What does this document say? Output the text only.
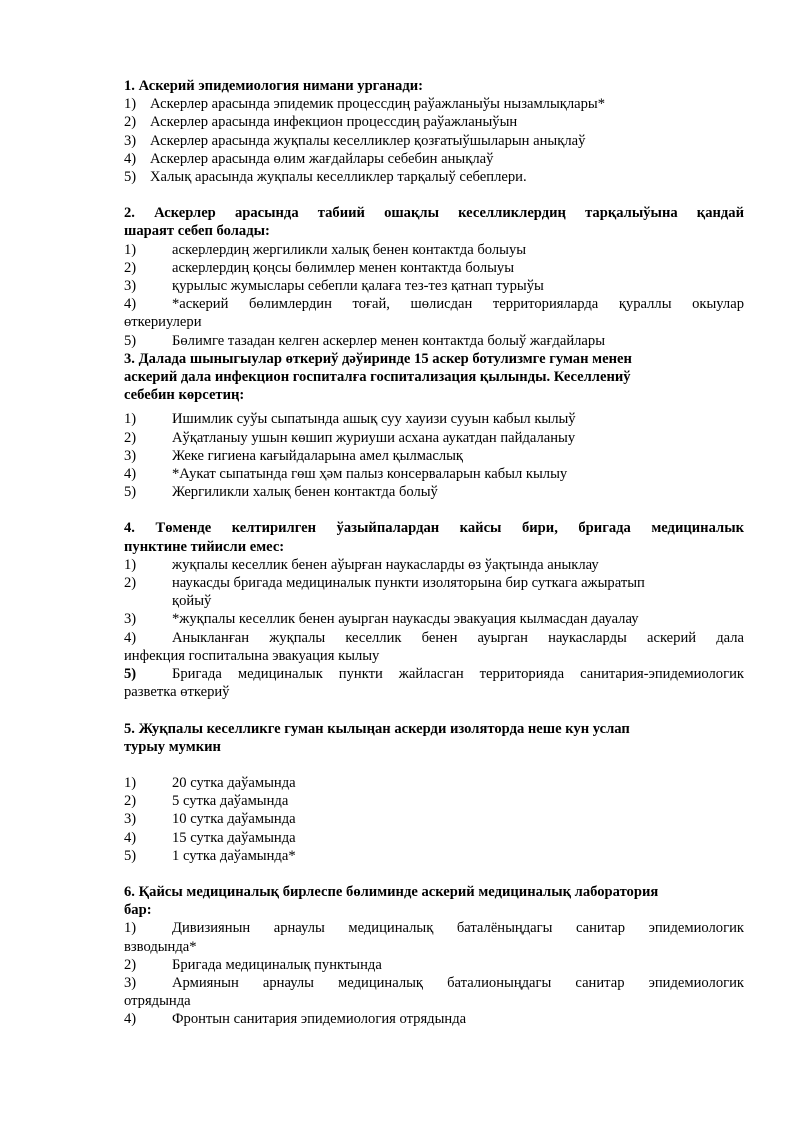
1. Аскерий эпидемиология нимани урганади:
1) Аскерлер арасында эпидемик процессдиң раўажланыўы нызамлықлары*
2) Аскерлер арасында инфекцион процессдиң раўажланыўын
3) Аскерлер арасында жуқпалы кеселликлер қозғатыўшыларын анықлаў
4) Аскерлер арасында өлим жағдайлары себебин анықлаў
5) Халық арасында жуқпалы кеселликлер тарқалыў себеплери.
2. Аскерлер арасында табиий ошақлы кеселликлердиң тарқалыўына қандай
шараят себеп болады:
1)	аскерлердиң жергиликли халық бенен контактда болыуы
2)	аскерлердиң қоңсы бөлимлер менен контактда болыуы
3)	қурылыс жумыслары себепли қалаға тез-тез қатнап турыўы
4)	*аскерий бөлимлердин тоғай, шөлисдан территорияларда қураллы окыулар
өткериулери
5)	Бөлимге тазадан келген аскерлер менен контактда болыў жағдайлары
3. Далада шыныгыулар өткериў дәўиринде 15 аскер ботулизмге гуман менен
аскерий дала инфекцион госпиталға госпитализация қылынды. Кеселлениў
себебин көрсетиң:
1)	Ишимлик суўы сыпатында ашық суу хауизи сууын кабыл кылыў
2)	Аўқатланыу ушын көшип журиуши асхана аукатдан пайдаланыу
3)	Жеке гигиена кағыйдаларына амел қылмаслық
4)	*Аукат сыпатында гөш ҳәм палыз консерваларын кабыл кылыу
5)	Жергиликли халық бенен контактда болыў
4. Төменде келтирилген ўазыйпалардан кайсы бири, бригада медициналык
пунктине тийисли емес:
1)	жуқпалы кеселлик бенен аўырған наукасларды өз ўақтында аныклау
2)	наукасды бригада медициналык пункти изоляторына бир суткага ажыратып
қойыў
3)	*жуқпалы кеселлик бенен ауырган наукасды эвакуация кылмасдан дауалау
4)	Аныкланған жуқпалы кеселлик бенен ауырган наукасларды аскерий дала
инфекция госпиталына эвакуация кылыу
5)	Бригада медициналык пункти жайласган территорияда санитария-эпидемиологик
разветка өткериў
5. Жуқпалы кеселликге гуман кылыңан аскерди изоляторда неше кун услап
турыу мумкин
1)	20 сутка даўамында
2)	5 сутка даўамында
3)	10 сутка даўамында
4)	15 сутка даўамында
5)	1 сутка даўамында*
6. Қайсы медициналық бирлеспе бөлиминде аскерий медициналық лаборатория
бар:
1)	Дивизиянын арнаулы медициналық баталёныңдагы санитар эпидемиологик
взводында*
2)	Бригада медициналық пунктында
3)	Армиянын арнаулы медициналық баталионыңдагы санитар эпидемиологик
отрядында
4)	Фронтын санитария эпидемиология отрядында
